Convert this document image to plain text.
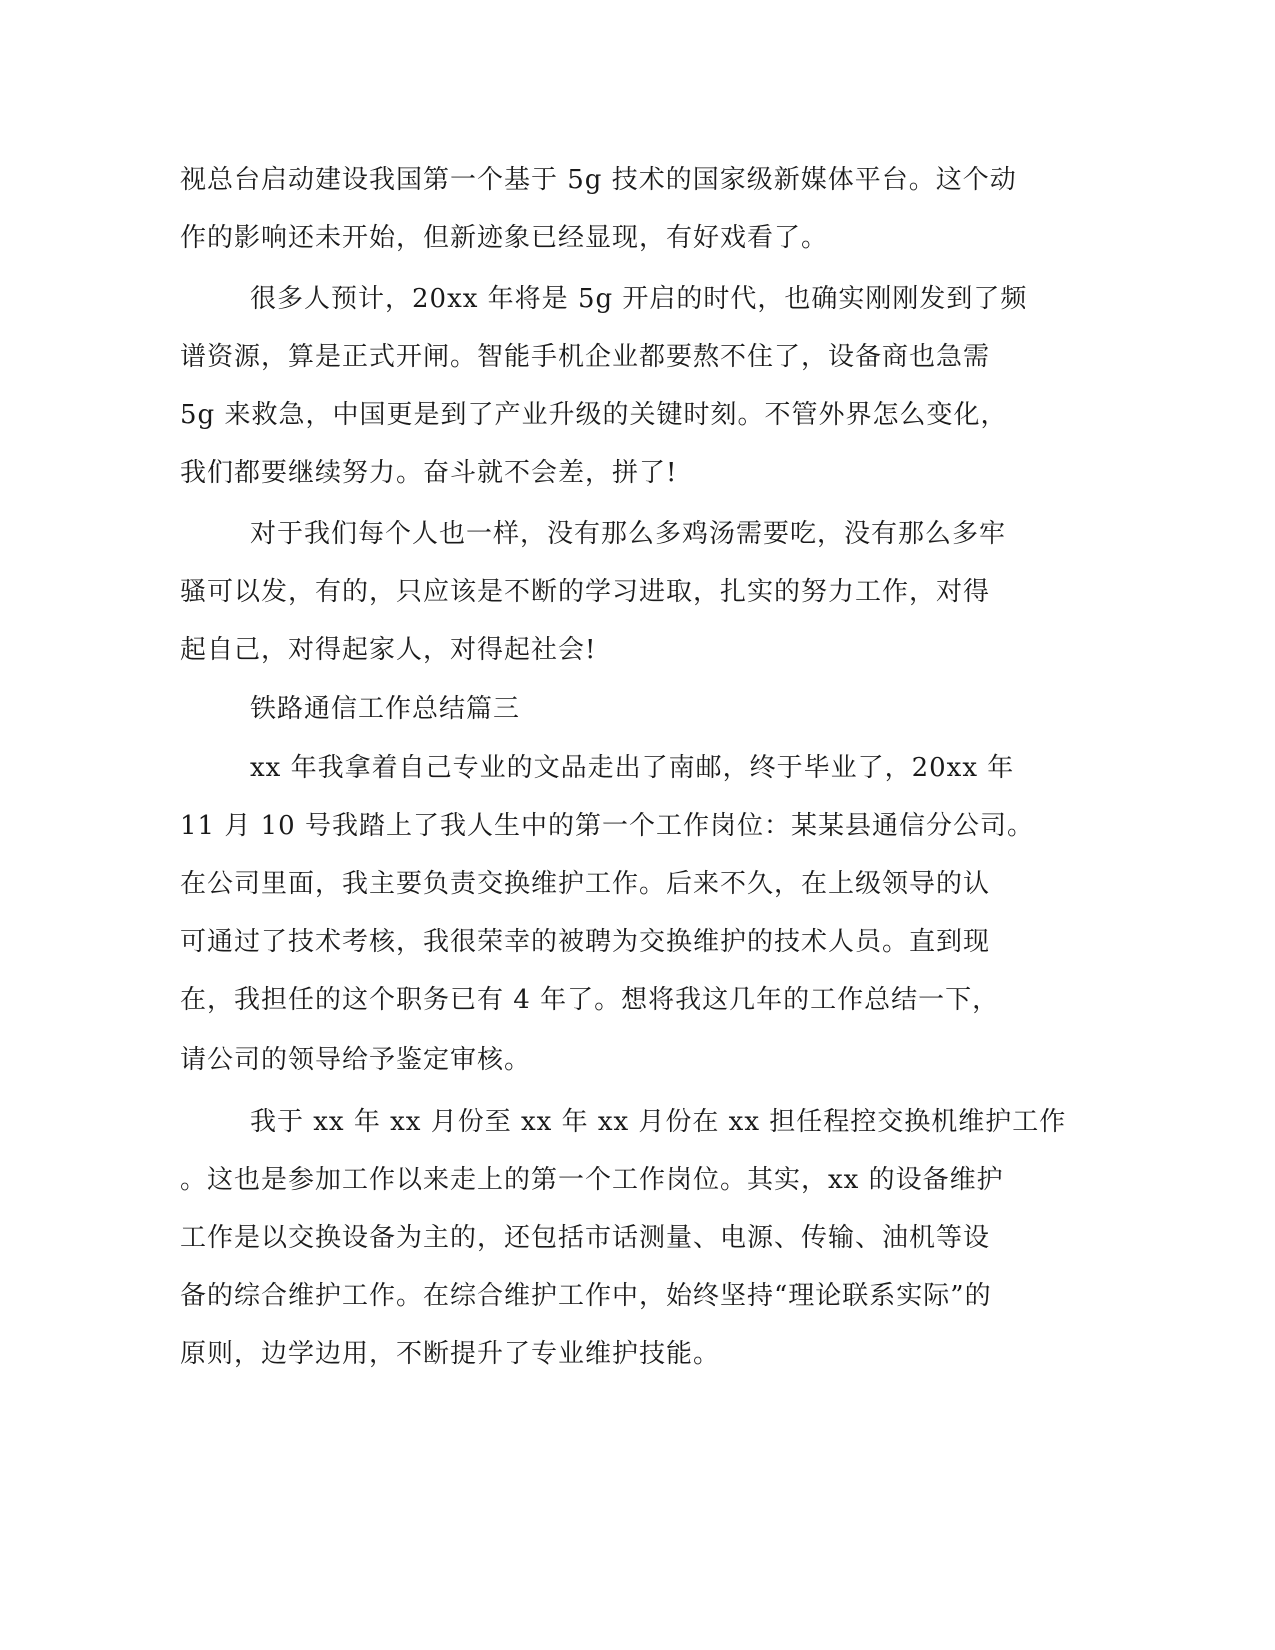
视总台启动建设我国第一个基于 5g 技术的国家级新媒体平台。这个动
作的影响还未开始，但新迹象已经显现，有好戏看了。
很多人预计，20xx 年将是 5g 开启的时代，也确实刚刚发到了频
谱资源，算是正式开闸。智能手机企业都要熬不住了，设备商也急需
5g 来救急，中国更是到了产业升级的关键时刻。不管外界怎么变化，
我们都要继续努力。奋斗就不会差，拼了!
对于我们每个人也一样，没有那么多鸡汤需要吃，没有那么多牢
骚可以发，有的，只应该是不断的学习进取，扎实的努力工作，对得
起自己，对得起家人，对得起社会!
铁路通信工作总结篇三
xx 年我拿着自己专业的文品走出了南邮，终于毕业了，20xx 年
11 月 10 号我踏上了我人生中的第一个工作岗位：某某县通信分公司。
在公司里面，我主要负责交换维护工作。后来不久，在上级领导的认
可通过了技术考核，我很荣幸的被聘为交换维护的技术人员。直到现
在，我担任的这个职务已有 4 年了。想将我这几年的工作总结一下，
请公司的领导给予鉴定审核。
我于 xx 年 xx 月份至 xx 年 xx 月份在 xx 担任程控交换机维护工作
。这也是参加工作以来走上的第一个工作岗位。其实，xx 的设备维护
工作是以交换设备为主的，还包括市话测量、电源、传输、油机等设
备的综合维护工作。在综合维护工作中，始终坚持“理论联系实际”的
原则，边学边用，不断提升了专业维护技能。
